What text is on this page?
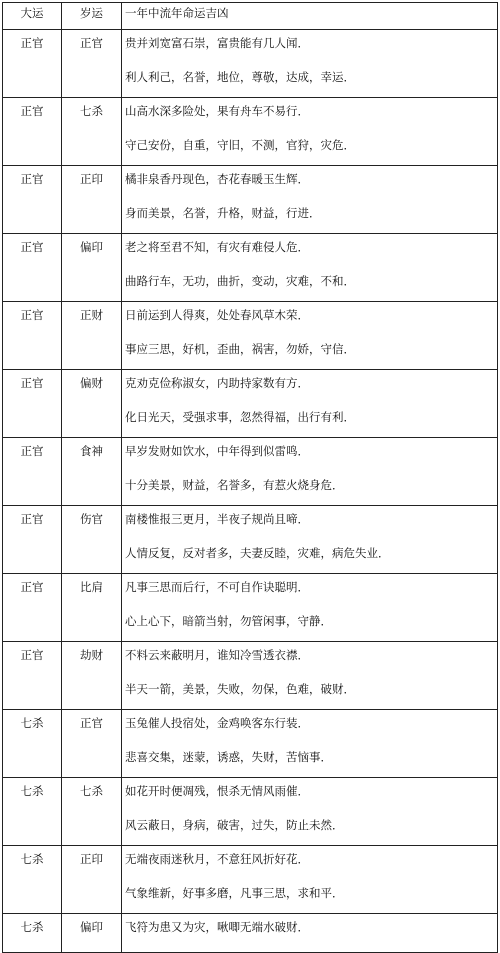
大运	岁运	一年中流年命运吉凶
正官	正官	贵并刘宽富石崇，富贵能有几人闻．
利人利己，名誉，地位，尊敬，达成，幸运．

正官	七杀	山高水深多险处，果有舟车不易行．
守己安份，自重，守旧，不测，官狩，灾危．

正官	正印	橘非泉香丹现色，杏花春暖玉生辉．
身而美景，名誉，升格，财益，行进．

正官	偏印	老之将至君不知，有灾有难侵人危．
曲路行车，无功，曲折，变动，灾难，不和．

正官	正财	日前运到人得爽，处处春风草木荣．
事应三思，好机，歪曲，祸害，勿娇，守信．

正官	偏财	克劝克俭称淑女，内助持家数有方．
化日光天，受强求事，忽然得福，出行有利．

正官	食神	早岁发财如饮水，中年得到似雷鸣．
十分美景，财益，名誉多，有惹火烧身危．

正官	伤官	南楼惟报三更月，半夜子规尚且啼．
人情反复，反对者多，夫妻反睦，灾难，病危失业．

正官	比肩	凡事三思而后行，不可自作诀聪明．
心上心下，暗箭当射，勿管闲事，守静．

正官	劫财	不料云来蔽明月，谁知冷雪透衣襟．
半天一箭，美景，失败，勿保，色难，破财．

七杀	正官	玉兔催人投宿处，金鸡唤客东行装．
悲喜交集，迷蒙，诱惑，失财，苦恼事．

七杀	七杀	如花开时便凋残，恨杀无情风雨催．
风云蔽日，身病，破害，过失，防止未然．

七杀	正印	无端夜雨迷秋月，不意狂风折好花．
气象维新，好事多磨，凡事三思，求和平．

七杀	偏印	飞符为患又为灾，啾唧无端水破财．
